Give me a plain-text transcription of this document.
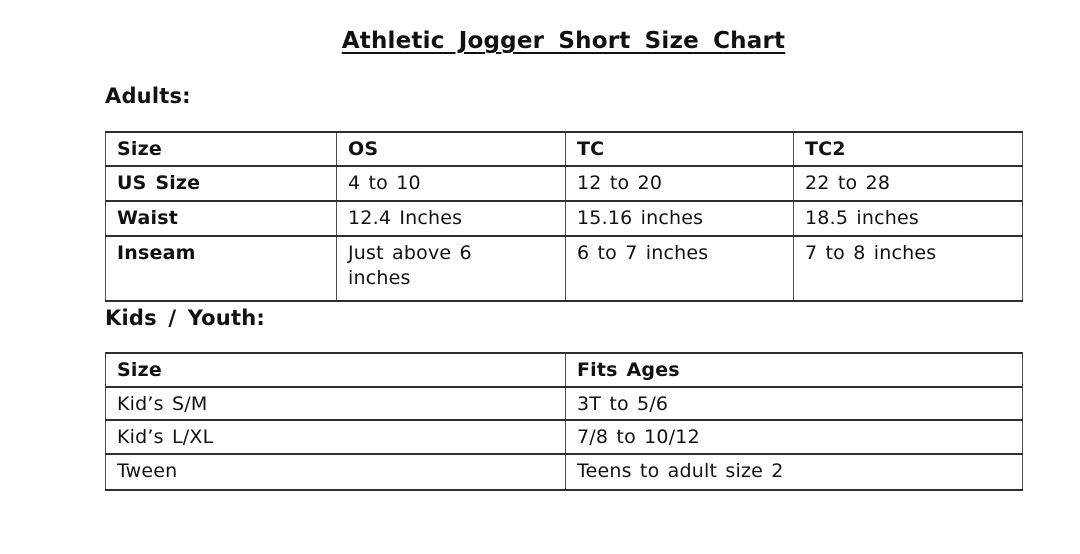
Athletic Jogger Short Size Chart
Adults:
Size	OS	TC	TC2
US Size	4 to 10	12 to 20	22 to 28
Waist	12.4 Inches	15.16 inches	18.5 inches
Inseam	Just above 6 inches	6 to 7 inches	7 to 8 inches
Kids / Youth:
Size	Fits Ages
Kid’s S/M	3T to 5/6
Kid’s L/XL	7/8 to 10/12
Tween	Teens to adult size 2
